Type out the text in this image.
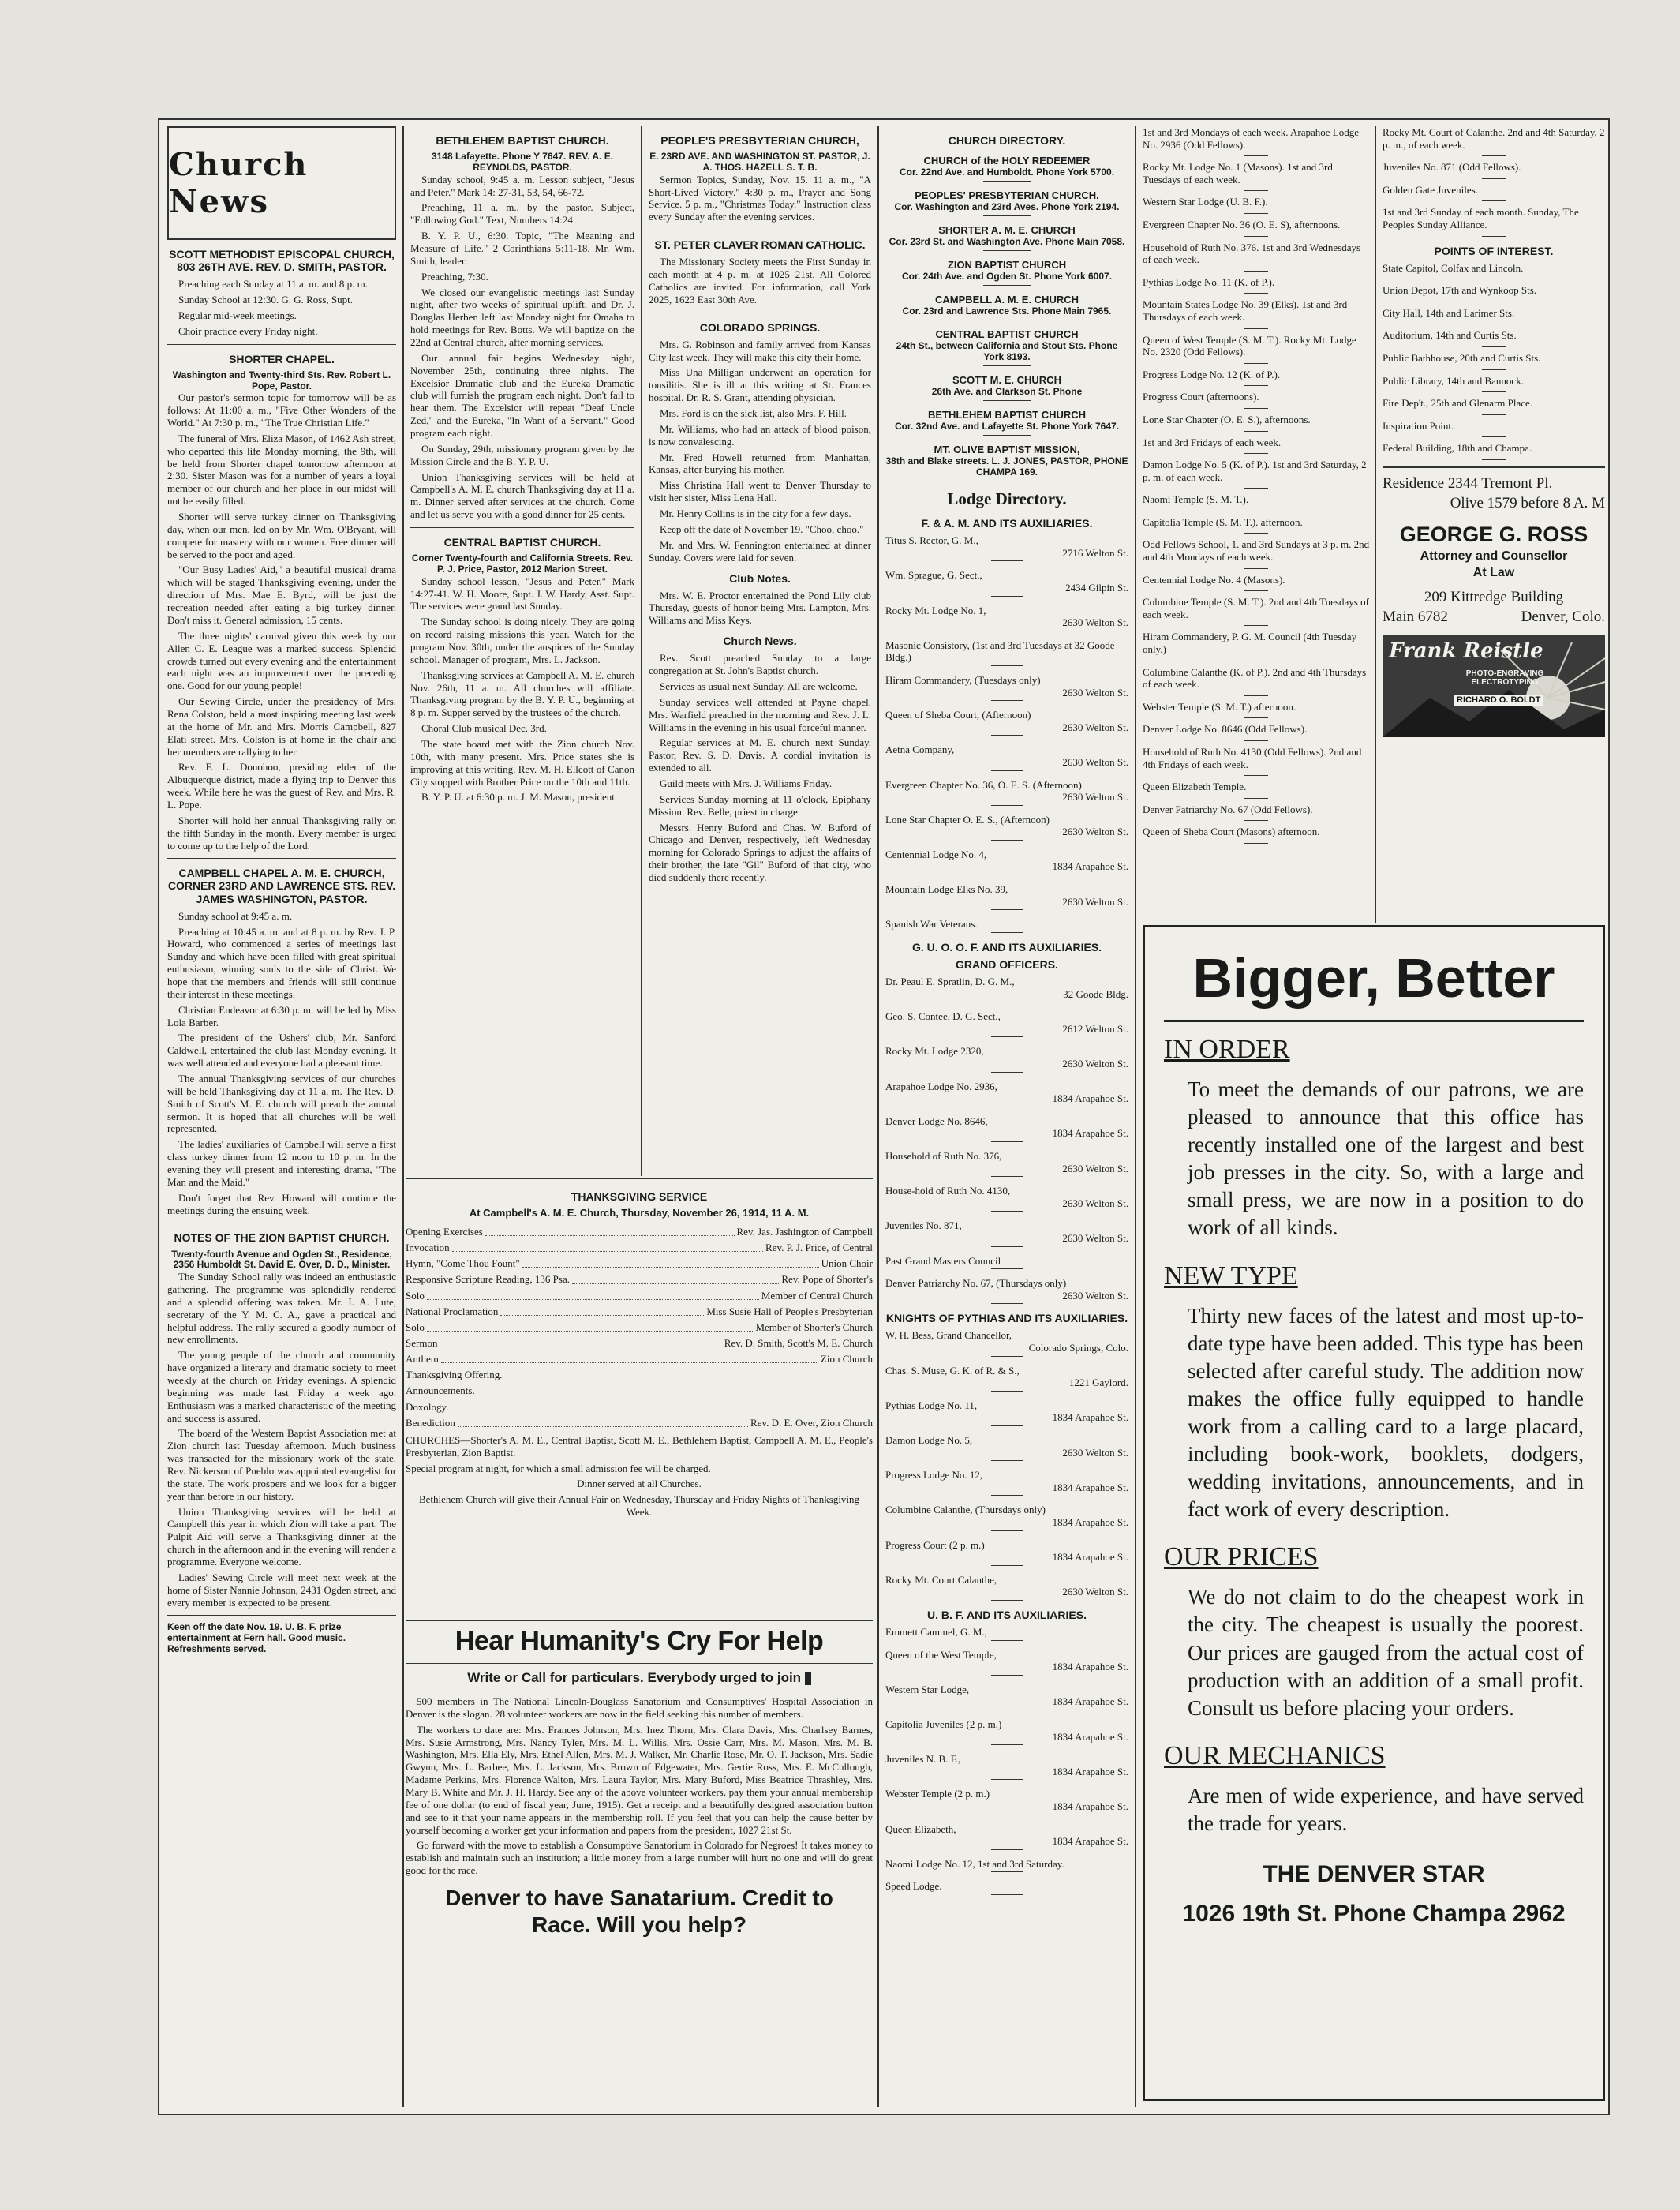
Church News
SCOTT METHODIST EPISCOPAL CHURCH, 803 26TH AVE. REV. D. SMITH, PASTOR.

Preaching each Sunday at 11 a. m. and 8 p. m.

Sunday School at 12:30. G. G. Ross, Supt.

Regular mid-week meetings.

Choir practice every Friday night.

SHORTER CHAPEL.
Washington and Twenty-third Sts. Rev. Robert L. Pope, Pastor.

Our pastor's sermon topic for tomorrow will be as follows: At 11:00 a. m., "Five Other Wonders of the World." At 7:30 p. m., "The True Christian Life."

The funeral of Mrs. Eliza Mason, of 1462 Ash street, who departed this life Monday morning, the 9th, will be held from Shorter chapel tomorrow afternoon at 2:30. Sister Mason was for a number of years a loyal member of our church and her place in our midst will not be easily filled.

Shorter will serve turkey dinner on Thanksgiving day, when our men, led on by Mr. Wm. O'Bryant, will compete for mastery with our women. Free dinner will be served to the poor and aged.

"Our Busy Ladies' Aid," a beautiful musical drama which will be staged Thanksgiving evening, under the direction of Mrs. Mae E. Byrd, will be just the recreation needed after eating a big turkey dinner. Don't miss it. General admission, 15 cents.

The three nights' carnival given this week by our Allen C. E. League was a marked success. Splendid crowds turned out every evening and the entertainment each night was an improvement over the preceding one. Good for our young people!

Our Sewing Circle, under the presidency of Mrs. Rena Colston, held a most inspiring meeting last week at the home of Mr. and Mrs. Morris Campbell, 827 Elati street. Mrs. Colston is at home in the chair and her members are rallying to her.

Rev. F. L. Donohoo, presiding elder of the Albuquerque district, made a flying trip to Denver this week. While here he was the guest of Rev. and Mrs. R. L. Pope.

Shorter will hold her annual Thanksgiving rally on the fifth Sunday in the month. Every member is urged to come up to the help of the Lord.

CAMPBELL CHAPEL A. M. E. CHURCH, CORNER 23RD AND LAWRENCE STS. REV. JAMES WASHINGTON, PASTOR.

Sunday school at 9:45 a. m.

Preaching at 10:45 a. m. and at 8 p. m. by Rev. J. P. Howard, who commenced a series of meetings last Sunday and which have been filled with great spiritual enthusiasm, winning souls to the side of Christ. We hope that the members and friends will still continue their interest in these meetings.

Christian Endeavor at 6:30 p. m. will be led by Miss Lola Barber.

The president of the Ushers' club, Mr. Sanford Caldwell, entertained the club last Monday evening. It was well attended and everyone had a pleasant time.

The annual Thanksgiving services of our churches will be held Thanksgiving day at 11 a. m. The Rev. D. Smith of Scott's M. E. church will preach the annual sermon. It is hoped that all churches will be well represented.

The ladies' auxiliaries of Campbell will serve a first class turkey dinner from 12 noon to 10 p. m. In the evening they will present and interesting drama, "The Man and the Maid."

Don't forget that Rev. Howard will continue the meetings during the ensuing week.

NOTES OF THE ZION BAPTIST CHURCH.
Twenty-fourth Avenue and Ogden St., Residence, 2356 Humboldt St. David E. Over, D. D., Minister.

The Sunday School rally was indeed an enthusiastic gathering. The programme was splendidly rendered and a splendid offering was taken. Mr. I. A. Lute, secretary of the Y. M. C. A., gave a practical and helpful address. The rally secured a goodly number of new enrollments.

The young people of the church and community have organized a literary and dramatic society to meet weekly at the church on Friday evenings. A splendid beginning was made last Friday a week ago. Enthusiasm was a marked characteristic of the meeting and success is assured.

The board of the Western Baptist Association met at Zion church last Tuesday afternoon. Much business was transacted for the missionary work of the state. Rev. Nickerson of Pueblo was appointed evangelist for the state. The work prospers and we look for a bigger year than before in our history.

Union Thanksgiving services will be held at Campbell this year in which Zion will take a part. The Pulpit Aid will serve a Thanksgiving dinner at the church in the afternoon and in the evening will render a programme. Everyone welcome.

Ladies' Sewing Circle will meet next week at the home of Sister Nannie Johnson, 2431 Ogden street, and every member is expected to be present.

Keen off the date Nov. 19. U. B. F. prize entertainment at Fern hall. Good music. Refreshments served.
BETHLEHEM BAPTIST CHURCH.
3148 Lafayette. Phone Y 7647. REV. A. E. REYNOLDS, PASTOR.

Sunday school, 9:45 a. m. Lesson subject, "Jesus and Peter." Mark 14: 27-31, 53, 54, 66-72.

Preaching, 11 a. m., by the pastor. Subject, "Following God." Text, Numbers 14:24.

B. Y. P. U., 6:30. Topic, "The Meaning and Measure of Life." 2 Corinthians 5:11-18. Mr. Wm. Smith, leader.

Preaching, 7:30.

We closed our evangelistic meetings last Sunday night, after two weeks of spiritual uplift, and Dr. J. Douglas Herben left last Monday night for Omaha to hold meetings for Rev. Botts. We will baptize on the 22nd at Central church, after morning services.

Our annual fair begins Wednesday night, November 25th, continuing three nights. The Excelsior Dramatic club and the Eureka Dramatic club will furnish the program each night. Don't fail to hear them. The Excelsior will repeat "Deaf Uncle Zed," and the Eureka, "In Want of a Servant." Good program each night.

On Sunday, 29th, missionary program given by the Mission Circle and the B. Y. P. U.

Union Thanksgiving services will be held at Campbell's A. M. E. church Thanksgiving day at 11 a. m. Dinner served after services at the church. Come and let us serve you with a good dinner for 25 cents.

CENTRAL BAPTIST CHURCH.
Corner Twenty-fourth and California Streets. Rev. P. J. Price, Pastor, 2012 Marion Street.

Sunday school lesson, "Jesus and Peter." Mark 14:27-41. W. H. Moore, Supt. J. W. Hardy, Asst. Supt. The services were grand last Sunday.

The Sunday school is doing nicely. They are going on record raising missions this year. Watch for the program Nov. 30th, under the auspices of the Sunday school. Manager of program, Mrs. L. Jackson.

Thanksgiving services at Campbell A. M. E. church Nov. 26th, 11 a. m. All churches will affiliate. Thanksgiving program by the B. Y. P. U., beginning at 8 p. m. Supper served by the trustees of the church.

Choral Club musical Dec. 3rd.

The state board met with the Zion church Nov. 10th, with many present. Mrs. Price states she is improving at this writing. Rev. M. H. Ellcott of Canon City stopped with Brother Price on the 10th and 11th.

B. Y. P. U. at 6:30 p. m. J. M. Mason, president.

PEOPLE'S PRESBYTERIAN CHURCH,
E. 23RD AVE. AND WASHINGTON ST. PASTOR, J. A. THOS. HAZELL S. T. B.

Sermon Topics, Sunday, Nov. 15. 11 a. m., "A Short-Lived Victory." 4:30 p. m., Prayer and Song Service. 5 p. m., "Christmas Today." Instruction class every Sunday after the evening services.

ST. PETER CLAVER ROMAN CATHOLIC.

The Missionary Society meets the First Sunday in each month at 4 p. m. at 1025 21st. All Colored Catholics are invited. For information, call York 2025, 1623 East 30th Ave.

COLORADO SPRINGS.

Mrs. G. Robinson and family arrived from Kansas City last week. They will make this city their home.

Miss Una Milligan underwent an operation for tonsilitis. She is ill at this writing at St. Frances hospital. Dr. R. S. Grant, attending physician.

Mrs. Ford is on the sick list, also Mrs. F. Hill.

Mr. Williams, who had an attack of blood poison, is now convalescing.

Mr. Fred Howell returned from Manhattan, Kansas, after burying his mother.

Miss Christina Hall went to Denver Thursday to visit her sister, Miss Lena Hall.

Mr. Henry Collins is in the city for a few days.

Keep off the date of November 19. "Choo, choo."

Mr. and Mrs. W. Fennington entertained at dinner Sunday. Covers were laid for seven.

Club Notes.

Mrs. W. E. Proctor entertained the Pond Lily club Thursday, guests of honor being Mrs. Lampton, Mrs. Williams and Miss Keys.

Church News.

Rev. Scott preached Sunday to a large congregation at St. John's Baptist church.

Services as usual next Sunday. All are welcome.

Sunday services well attended at Payne chapel. Mrs. Warfield preached in the morning and Rev. J. L. Williams in the evening in his usual forceful manner.

Regular services at M. E. church next Sunday. Pastor, Rev. S. D. Davis. A cordial invitation is extended to all.

Guild meets with Mrs. J. Williams Friday.

Services Sunday morning at 11 o'clock, Epiphany Mission. Rev. Belle, priest in charge.

Messrs. Henry Buford and Chas. W. Buford of Chicago and Denver, respectively, left Wednesday morning for Colorado Springs to adjust the affairs of their brother, the late "Gil" Buford of that city, who died suddenly there recently.

THANKSGIVING SERVICE
At Campbell's A. M. E. Church, Thursday, November 26, 1914, 11 A. M.
Opening Exercises	Rev. Jas. Jashington of Campbell
Invocation	Rev. P. J. Price, of Central
Hymn, "Come Thou Fount"	Union Choir
Responsive Scripture Reading, 136 Psa.	Rev. Pope of Shorter's
Solo	Member of Central Church
National Proclamation	Miss Susie Hall of People's Presbyterian
Solo	Member of Shorter's Church
Sermon	Rev. D. Smith, Scott's M. E. Church
Anthem	Zion Church
Thanksgiving Offering.
Announcements.
Doxology.
Benediction	Rev. D. E. Over, Zion Church

CHURCHES—Shorter's A. M. E., Central Baptist, Scott M. E., Bethlehem Baptist, Campbell A. M. E., People's Presbyterian, Zion Baptist.

Special program at night, for which a small admission fee will be charged.

Dinner served at all Churches.

Bethlehem Church will give their Annual Fair on Wednesday, Thursday and Friday Nights of Thanksgiving Week.

Hear Humanity's Cry For Help
Write or Call for particulars. Everybody urged to join

500 members in The National Lincoln-Douglass Sanatorium and Consumptives' Hospital Association in Denver is the slogan. 28 volunteer workers are now in the field seeking this number of members.

The workers to date are: Mrs. Frances Johnson, Mrs. Inez Thorn, Mrs. Clara Davis, Mrs. Charlsey Barnes, Mrs. Susie Armstrong, Mrs. Nancy Tyler, Mrs. M. L. Willis, Mrs. Ossie Carr, Mrs. M. Mason, Mrs. M. B. Washington, Mrs. Ella Ely, Mrs. Ethel Allen, Mrs. M. J. Walker, Mr. Charlie Rose, Mr. O. T. Jackson, Mrs. Sadie Gwynn, Mrs. L. Barbee, Mrs. L. Jackson, Mrs. Brown of Edgewater, Mrs. Gertie Ross, Mrs. E. McCullough, Madame Perkins, Mrs. Florence Walton, Mrs. Laura Taylor, Mrs. Mary Buford, Miss Beatrice Thrashley, Mrs. Mary B. White and Mr. J. H. Hardy. See any of the above volunteer workers, pay them your annual membership fee of one dollar (to end of fiscal year, June, 1915). Get a receipt and a beautifully designed association button and see to it that your name appears in the membership roll. If you feel that you can help the cause better by yourself becoming a worker get your information and papers from the president, 1027 21st St.

Go forward with the move to establish a Consumptive Sanatorium in Colorado for Negroes! It takes money to establish and maintain such an institution; a little money from a large number will hurt no one and will do great good for the race.

Denver to have Sanatarium. Credit to Race. Will you help?
CHURCH DIRECTORY.
CHURCH of the HOLY REDEEMER
Cor. 22nd Ave. and Humboldt. Phone York 5700.
PEOPLES' PRESBYTERIAN CHURCH.
Cor. Washington and 23rd Aves. Phone York 2194.
SHORTER A. M. E. CHURCH
Cor. 23rd St. and Washington Ave. Phone Main 7058.
ZION BAPTIST CHURCH
Cor. 24th Ave. and Ogden St. Phone York 6007.
CAMPBELL A. M. E. CHURCH
Cor. 23rd and Lawrence Sts. Phone Main 7965.
CENTRAL BAPTIST CHURCH
24th St., between California and Stout Sts. Phone York 8193.
SCOTT M. E. CHURCH
26th Ave. and Clarkson St. Phone
BETHLEHEM BAPTIST CHURCH
Cor. 32nd Ave. and Lafayette St. Phone York 7647.
MT. OLIVE BAPTIST MISSION,
38th and Blake streets. L. J. JONES, PASTOR, PHONE CHAMPA 169.
Lodge Directory.
F. & A. M. AND ITS AUXILIARIES.
Titus S. Rector, G. M.,
2716 Welton St.
Wm. Sprague, G. Sect.,
2434 Gilpin St.
Rocky Mt. Lodge No. 1,
2630 Welton St.
Masonic Consistory, (1st and 3rd Tuesdays at 32 Goode Bldg.)
Hiram Commandery, (Tuesdays only)
2630 Welton St.
Queen of Sheba Court, (Afternoon)
2630 Welton St.
Aetna Company,
2630 Welton St.
Evergreen Chapter No. 36, O. E. S. (Afternoon)
2630 Welton St.
Lone Star Chapter O. E. S., (Afternoon)
2630 Welton St.
Centennial Lodge No. 4,
1834 Arapahoe St.
Mountain Lodge Elks No. 39,
2630 Welton St.
Spanish War Veterans.
G. U. O. O. F. AND ITS AUXILIARIES.
GRAND OFFICERS.
Dr. Peaul E. Spratlin, D. G. M.,
32 Goode Bldg.
Geo. S. Contee, D. G. Sect.,
2612 Welton St.
Rocky Mt. Lodge 2320,
2630 Welton St.
Arapahoe Lodge No. 2936,
1834 Arapahoe St.
Denver Lodge No. 8646,
1834 Arapahoe St.
Household of Ruth No. 376,
2630 Welton St.
House-hold of Ruth No. 4130,
2630 Welton St.
Juveniles No. 871,
2630 Welton St.
Past Grand Masters Council
Denver Patriarchy No. 67, (Thursdays only)
2630 Welton St.
KNIGHTS OF PYTHIAS AND ITS AUXILIARIES.
W. H. Bess, Grand Chancellor,
Colorado Springs, Colo.
Chas. S. Muse, G. K. of R. & S.,
1221 Gaylord.
Pythias Lodge No. 11,
1834 Arapahoe St.
Damon Lodge No. 5,
2630 Welton St.
Progress Lodge No. 12,
1834 Arapahoe St.
Columbine Calanthe, (Thursdays only)
1834 Arapahoe St.
Progress Court (2 p. m.)
1834 Arapahoe St.
Rocky Mt. Court Calanthe,
2630 Welton St.
U. B. F. AND ITS AUXILIARIES.
Emmett Cammel, G. M.,
Queen of the West Temple,
1834 Arapahoe St.
Western Star Lodge,
1834 Arapahoe St.
Capitolia Juveniles (2 p. m.)
1834 Arapahoe St.
Juveniles N. B. F.,
1834 Arapahoe St.
Webster Temple (2 p. m.)
1834 Arapahoe St.
Queen Elizabeth,
1834 Arapahoe St.
Naomi Lodge No. 12, 1st and 3rd Saturday.
Speed Lodge.
1st and 3rd Mondays of each week. Arapahoe Lodge No. 2936 (Odd Fellows).
Rocky Mt. Lodge No. 1 (Masons). 1st and 3rd Tuesdays of each week.
Western Star Lodge (U. B. F.).
Evergreen Chapter No. 36 (O. E. S), afternoons.
Household of Ruth No. 376. 1st and 3rd Wednesdays of each week.
Pythias Lodge No. 11 (K. of P.).
Mountain States Lodge No. 39 (Elks). 1st and 3rd Thursdays of each week.
Queen of West Temple (S. M. T.). Rocky Mt. Lodge No. 2320 (Odd Fellows).
Progress Lodge No. 12 (K. of P.).
Progress Court (afternoons).
Lone Star Chapter (O. E. S.), afternoons.
1st and 3rd Fridays of each week.
Damon Lodge No. 5 (K. of P.). 1st and 3rd Saturday, 2 p. m. of each week.
Naomi Temple (S. M. T.).
Capitolia Temple (S. M. T.). afternoon.
Odd Fellows School, 1. and 3rd Sundays at 3 p. m. 2nd and 4th Mondays of each week.
Centennial Lodge No. 4 (Masons).
Columbine Temple (S. M. T.). 2nd and 4th Tuesdays of each week.
Hiram Commandery, P. G. M. Council (4th Tuesday only.)
Columbine Calanthe (K. of P.). 2nd and 4th Thursdays of each week.
Webster Temple (S. M. T.) afternoon.
Denver Lodge No. 8646 (Odd Fellows).
Household of Ruth No. 4130 (Odd Fellows). 2nd and 4th Fridays of each week.
Queen Elizabeth Temple.
Denver Patriarchy No. 67 (Odd Fellows).
Queen of Sheba Court (Masons) afternoon.
Rocky Mt. Court of Calanthe. 2nd and 4th Saturday, 2 p. m., of each week.
Juveniles No. 871 (Odd Fellows).
Golden Gate Juveniles.
1st and 3rd Sunday of each month. Sunday, The Peoples Sunday Alliance.
POINTS OF INTEREST.
State Capitol, Colfax and Lincoln.
Union Depot, 17th and Wynkoop Sts.
City Hall, 14th and Larimer Sts.
Auditorium, 14th and Curtis Sts.
Public Bathhouse, 20th and Curtis Sts.
Public Library, 14th and Bannock.
Fire Dep't., 25th and Glenarm Place.
Inspiration Point.
Federal Building, 18th and Champa.
Residence 2344 Tremont Pl.
Olive 1579 before 8 A. M
GEORGE G. ROSS
Attorney and Counsellor
At Law
209 Kittredge Building
Main 6782	Denver, Colo.
Frank Reistle
PHOTO-ENGRAVING ELECTROTYPING
RICHARD O. BOLDT
Bigger, Better
IN ORDER
To meet the demands of our patrons, we are pleased to announce that this office has recently installed one of the largest and best job presses in the city. So, with a large and small press, we are now in a position to do work of all kinds.
NEW TYPE
Thirty new faces of the latest and most up-to-date type have been added. This type has been selected after careful study. The addition now makes the office fully equipped to handle work from a calling card to a large placard, including book-work, booklets, dodgers, wedding invitations, announcements, and in fact work of every description.
OUR PRICES
We do not claim to do the cheapest work in the city. The cheapest is usually the poorest. Our prices are gauged from the actual cost of production with an addition of a small profit. Consult us before placing your orders.
OUR MECHANICS
Are men of wide experience, and have served the trade for years.
THE DENVER STAR
1026 19th St. Phone Champa 2962
